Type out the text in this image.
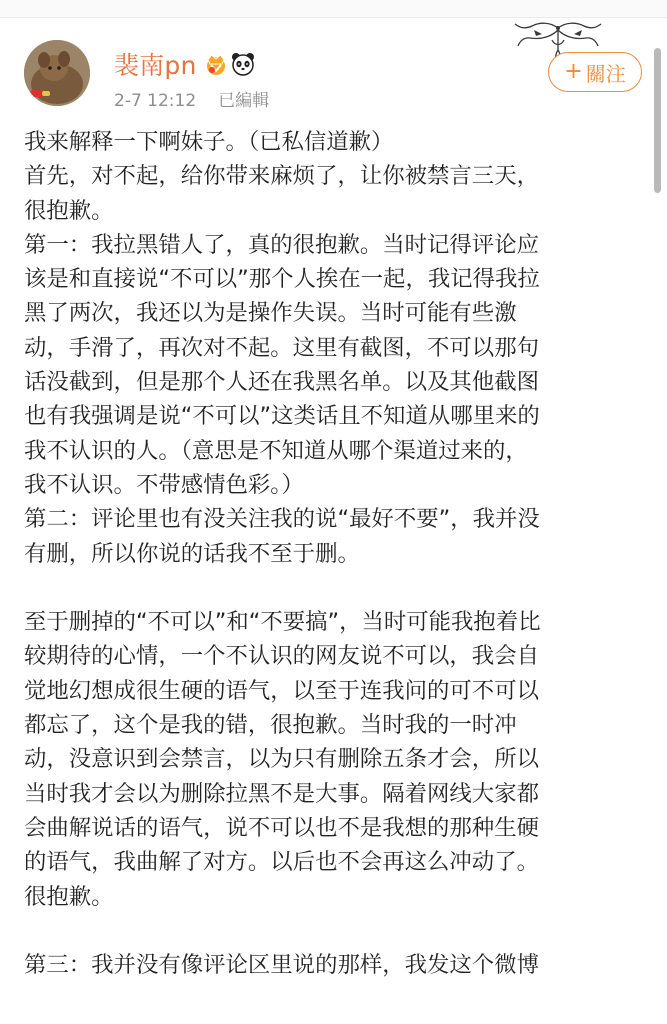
裴南pn
2-7 12:12 已編輯
+ 關注

我来解释一下啊妹子。（已私信道歉）

首先，对不起，给你带来麻烦了，让你被禁言三天，

很抱歉。

第一：我拉黑错人了，真的很抱歉。当时记得评论应

该是和直接说“不可以”那个人挨在一起，我记得我拉

黑了两次，我还以为是操作失误。当时可能有些激

动，手滑了，再次对不起。这里有截图，不可以那句

话没截到，但是那个人还在我黑名单。以及其他截图

也有我强调是说“不可以”这类话且不知道从哪里来的

我不认识的人。（意思是不知道从哪个渠道过来的，

我不认识。不带感情色彩。）

第二：评论里也有没关注我的说“最好不要”，我并没

有删，所以你说的话我不至于删。

至于删掉的“不可以”和“不要搞”，当时可能我抱着比

较期待的心情，一个不认识的网友说不可以，我会自

觉地幻想成很生硬的语气，以至于连我问的可不可以

都忘了，这个是我的错，很抱歉。当时我的一时冲

动，没意识到会禁言，以为只有删除五条才会，所以

当时我才会以为删除拉黑不是大事。隔着网线大家都

会曲解说话的语气，说不可以也不是我想的那种生硬

的语气，我曲解了对方。以后也不会再这么冲动了。

很抱歉。

第三：我并没有像评论区里说的那样，我发这个微博
